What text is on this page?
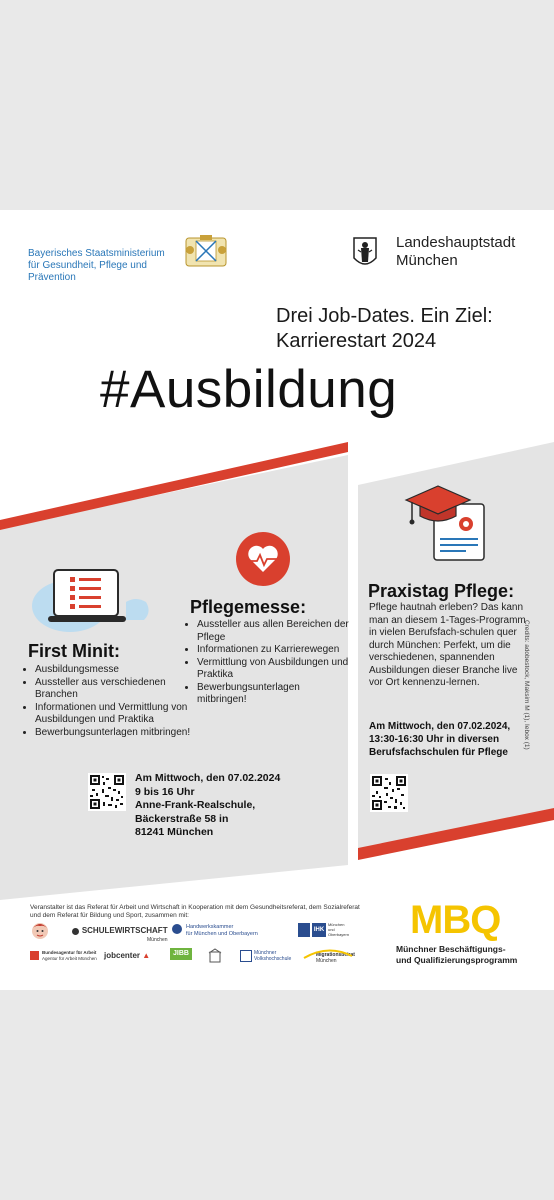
Bayerisches Staatsministerium für Gesundheit, Pflege und Prävention
Landeshauptstadt
München
Drei Job-Dates. Ein Ziel:
Karrierestart 2024
#Ausbildung
First Minit:
• Ausbildungsmesse
• Aussteller aus verschiedenen Branchen
• Informationen und Vermittlung von Ausbildungen und Praktika
• Bewerbungsunterlagen mitbringen!
Pflegemesse:
• Aussteller aus allen Bereichen der Pflege
• Informationen zu Karrierewegen
• Vermittlung von Ausbildungen und Praktika
• Bewerbungsunterlagen mitbringen!
Am Mittwoch, den 07.02.2024
9 bis 16 Uhr
Anne-Frank-Realschule,
Bäckerstraße 58 in
81241 München
Praxistag Pflege:
Pflege hautnah erleben? Das kann man an diesem 1-Tages-Programm in vielen Berufsfach-schulen quer durch München: Perfekt, um die verschiedenen, spannenden Ausbildungen dieser Branche live vor Ort kennenzu-lernen.
Am Mittwoch, den 07.02.2024,
13:30-16:30 Uhr in diversen
Berufsfachschulen für Pflege
Credits: adobestock, Maksim M (1), Iebox (1)
Veranstalter ist das Referat für Arbeit und Wirtschaft in Kooperation mit dem Gesundheitsreferat, dem Sozialreferat und dem Referat für Bildung und Sport, zusammen mit:
SCHULEWIRTSCHAFT
München
Handwerkskammer
für München und Oberbayern
IHK München und Oberbayern
Bundesagentur für Arbeit
Agentur für Arbeit München jobcenter ▲	JIBB	Münchner
Volkshochschule
Migrationsbeirat
München
MBQ
Münchner Beschäftigungs-
und Qualifizierungsprogramm
